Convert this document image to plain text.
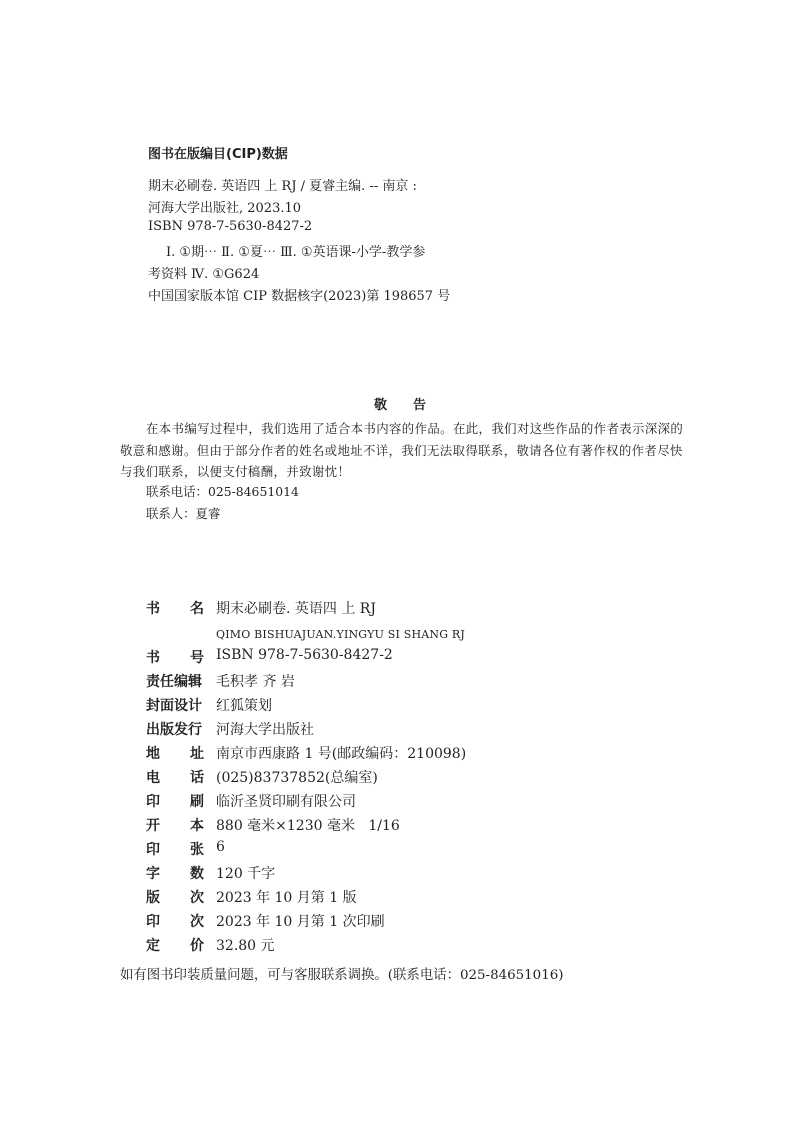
图书在版编目(CIP)数据
期末必刷卷. 英语四 上 RJ / 夏睿主编. -- 南京 :
河海大学出版社, 2023.10
ISBN 978-7-5630-8427-2
Ⅰ. ①期⋯ Ⅱ. ①夏⋯ Ⅲ. ①英语课-小学-教学参
考资料 Ⅳ. ①G624
中国国家版本馆 CIP 数据核字(2023)第 198657 号
敬告
在本书编写过程中，我们选用了适合本书内容的作品。在此，我们对这些作品的作者表示深深的敬意和感谢。但由于部分作者的姓名或地址不详，我们无法取得联系，敬请各位有著作权的作者尽快与我们联系，以便支付稿酬，并致谢忱！
联系电话：025-84651014
联系人：夏睿
书 名 期末必刷卷. 英语四 上 RJ
QIMO BISHUAJUAN.YINGYU SI SHANG RJ
书 号 ISBN 978-7-5630-8427-2
责任编辑 毛积孝 齐 岩
封面设计 红狐策划
出版发行 河海大学出版社
地 址 南京市西康路 1 号(邮政编码：210098)
电 话 (025)83737852(总编室)
印 刷 临沂圣贤印刷有限公司
开 本 880 毫米×1230 毫米   1/16
印 张 6
字 数 120 千字
版 次 2023 年 10 月第 1 版
印 次 2023 年 10 月第 1 次印刷
定 价 32.80 元
如有图书印装质量问题，可与客服联系调换。(联系电话：025-84651016)
